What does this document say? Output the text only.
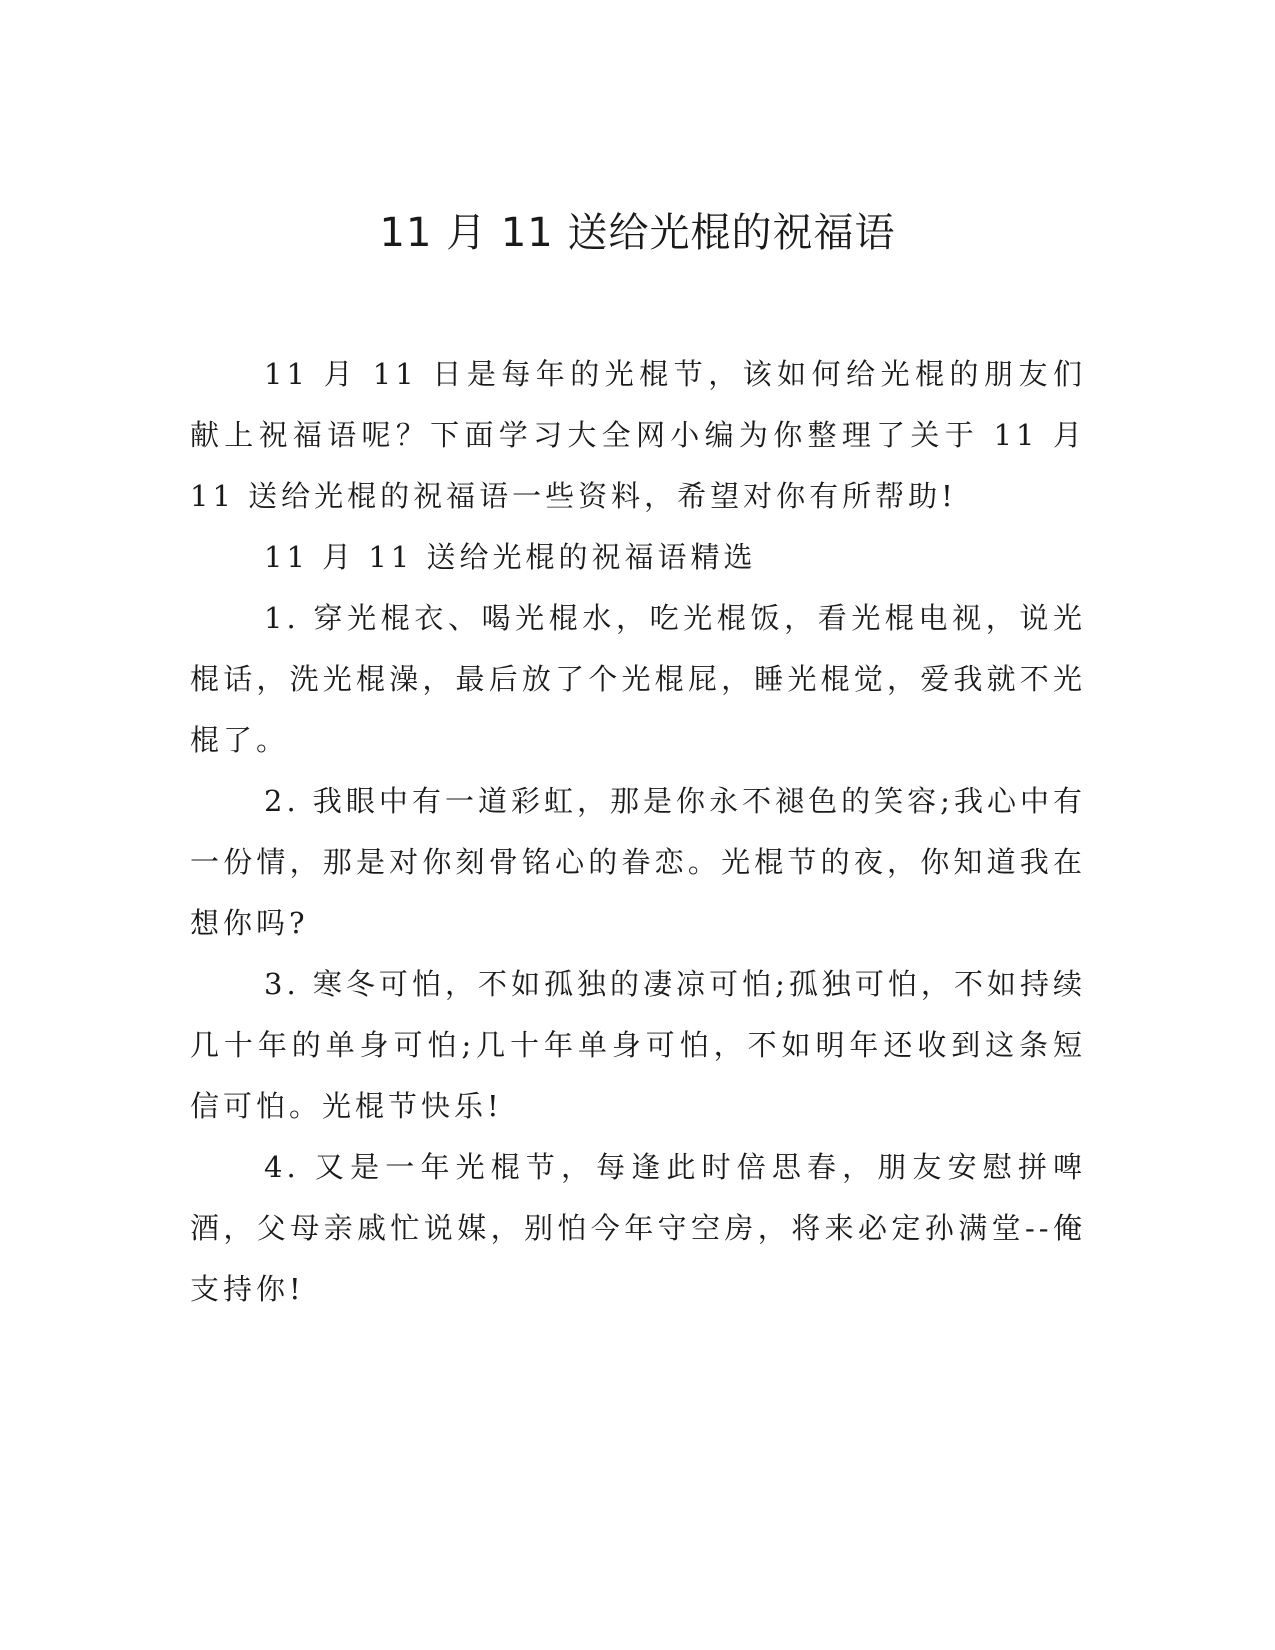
11 月 11 送给光棍的祝福语

11 月 11 日是每年的光棍节，该如何给光棍的朋友们献上祝福语呢？下面学习大全网小编为你整理了关于 11 月 11 送给光棍的祝福语一些资料，希望对你有所帮助!

11 月 11 送给光棍的祝福语精选

1. 穿光棍衣、喝光棍水，吃光棍饭，看光棍电视，说光棍话，洗光棍澡，最后放了个光棍屁，睡光棍觉，爱我就不光棍了。

2. 我眼中有一道彩虹，那是你永不褪色的笑容;我心中有一份情，那是对你刻骨铭心的眷恋。光棍节的夜，你知道我在想你吗?

3. 寒冬可怕，不如孤独的凄凉可怕;孤独可怕，不如持续几十年的单身可怕;几十年单身可怕，不如明年还收到这条短信可怕。光棍节快乐!

4. 又是一年光棍节，每逢此时倍思春，朋友安慰拼啤酒，父母亲戚忙说媒，别怕今年守空房，将来必定孙满堂--俺支持你!
